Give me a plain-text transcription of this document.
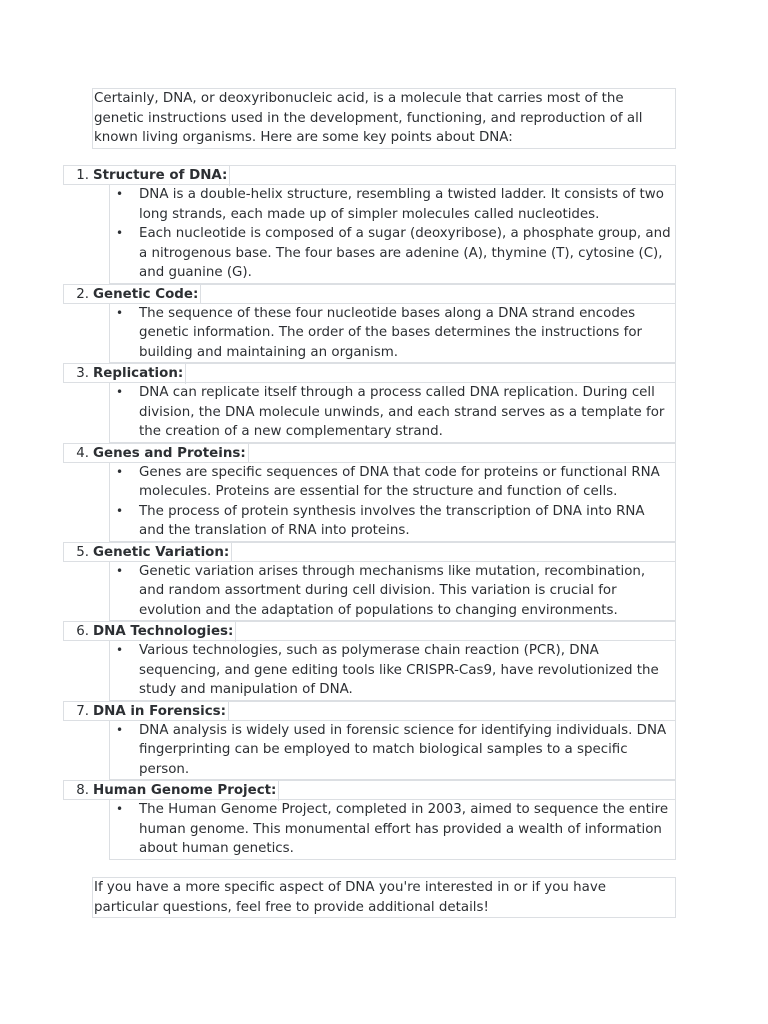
Certainly, DNA, or deoxyribonucleic acid, is a molecule that carries most of the genetic instructions used in the development, functioning, and reproduction of all known living organisms. Here are some key points about DNA:
1. Structure of DNA:
• DNA is a double-helix structure, resembling a twisted ladder. It consists of two long strands, each made up of simpler molecules called nucleotides.
• Each nucleotide is composed of a sugar (deoxyribose), a phosphate group, and a nitrogenous base. The four bases are adenine (A), thymine (T), cytosine (C), and guanine (G).
2. Genetic Code:
• The sequence of these four nucleotide bases along a DNA strand encodes genetic information. The order of the bases determines the instructions for building and maintaining an organism.
3. Replication:
• DNA can replicate itself through a process called DNA replication. During cell division, the DNA molecule unwinds, and each strand serves as a template for the creation of a new complementary strand.
4. Genes and Proteins:
• Genes are specific sequences of DNA that code for proteins or functional RNA molecules. Proteins are essential for the structure and function of cells.
• The process of protein synthesis involves the transcription of DNA into RNA and the translation of RNA into proteins.
5. Genetic Variation:
• Genetic variation arises through mechanisms like mutation, recombination, and random assortment during cell division. This variation is crucial for evolution and the adaptation of populations to changing environments.
6. DNA Technologies:
• Various technologies, such as polymerase chain reaction (PCR), DNA sequencing, and gene editing tools like CRISPR-Cas9, have revolutionized the study and manipulation of DNA.
7. DNA in Forensics:
• DNA analysis is widely used in forensic science for identifying individuals. DNA fingerprinting can be employed to match biological samples to a specific person.
8. Human Genome Project:
• The Human Genome Project, completed in 2003, aimed to sequence the entire human genome. This monumental effort has provided a wealth of information about human genetics.
If you have a more specific aspect of DNA you're interested in or if you have particular questions, feel free to provide additional details!
